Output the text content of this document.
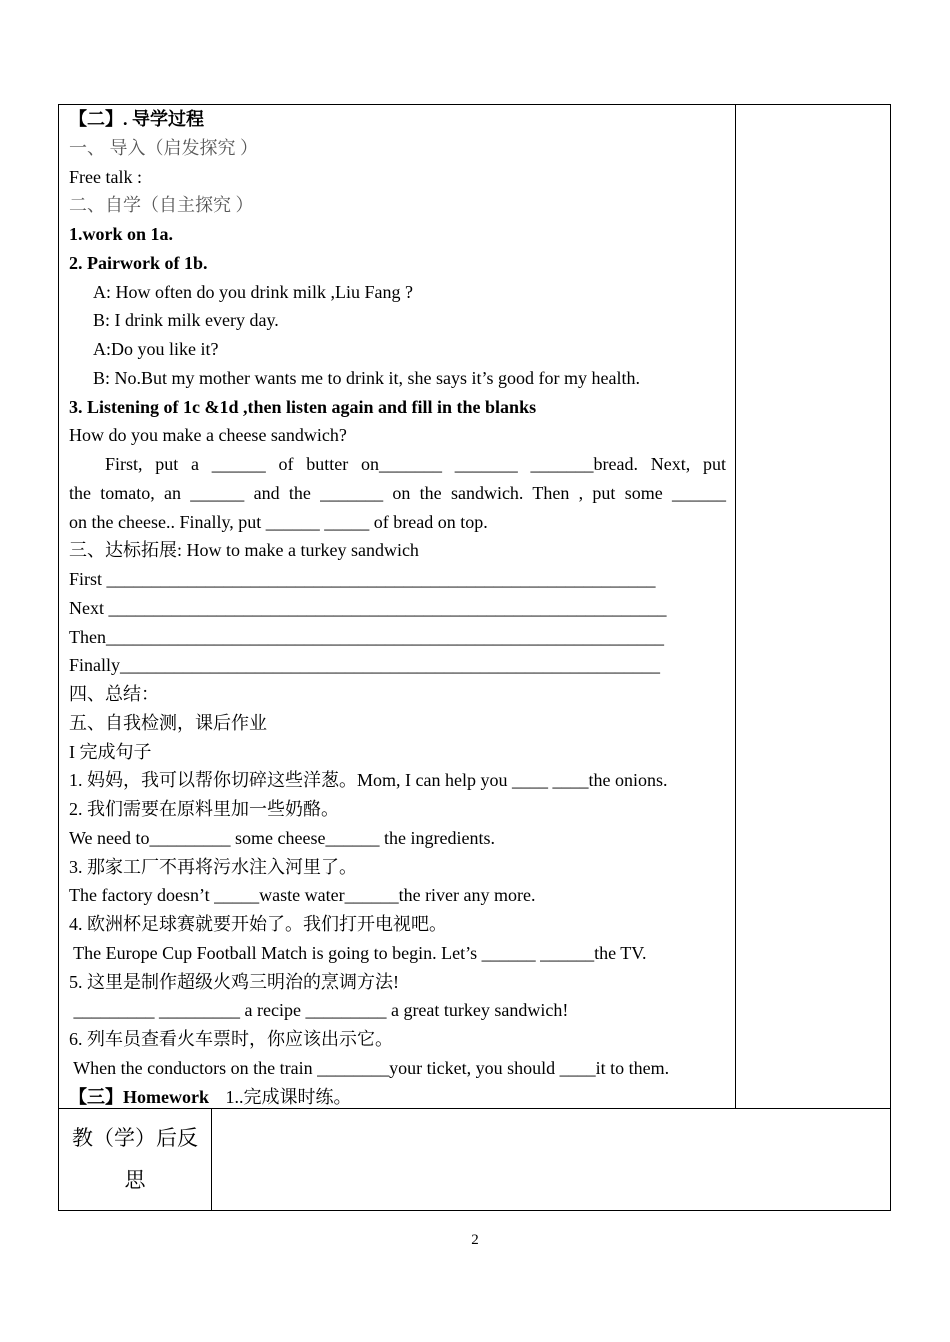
【二】. 导学过程
一、 导入（启发探究 ）
Free talk :
二、自学（自主探究 ）
1.work on 1a.
2. Pairwork of 1b.
A: How often do you drink milk ,Liu Fang ?
B: I drink milk every day.
A:Do you like it?
B: No.But my mother wants me to drink it, she says it’s good for my health.
3. Listening of 1c &1d ,then listen again and fill in the blanks
How do you make a cheese sandwich?
First, put a ______ of butter on_______ _______ _______bread. Next, put
the tomato, an ______ and the _______ on the sandwich. Then , put some ______
on the cheese.. Finally, put ______ _____ of bread on top.
三、达标拓展: How to make a turkey sandwich
First _____________________________________________________________
Next ______________________________________________________________
Then______________________________________________________________
Finally____________________________________________________________
四、总结：
五、自我检测，课后作业
I 完成句子
1. 妈妈，我可以帮你切碎这些洋葱。Mom, I can help you ____ ____the onions.
2. 我们需要在原料里加一些奶酪。
We need to_________ some cheese______ the ingredients.
3. 那家工厂不再将污水注入河里了。
The factory doesn’t _____waste water______the river any more.
4. 欧洲杯足球赛就要开始了。我们打开电视吧。
The Europe Cup Football Match is going to begin. Let’s ______ ______the TV.
5. 这里是制作超级火鸡三明治的烹调方法!
_________ _________ a recipe _________ a great turkey sandwich!
6. 列车员查看火车票时，你应该出示它。
When the conductors on the train ________your ticket, you should ____it to them.
【三】Homework 1..完成课时练。
教（学）后反
思
2
